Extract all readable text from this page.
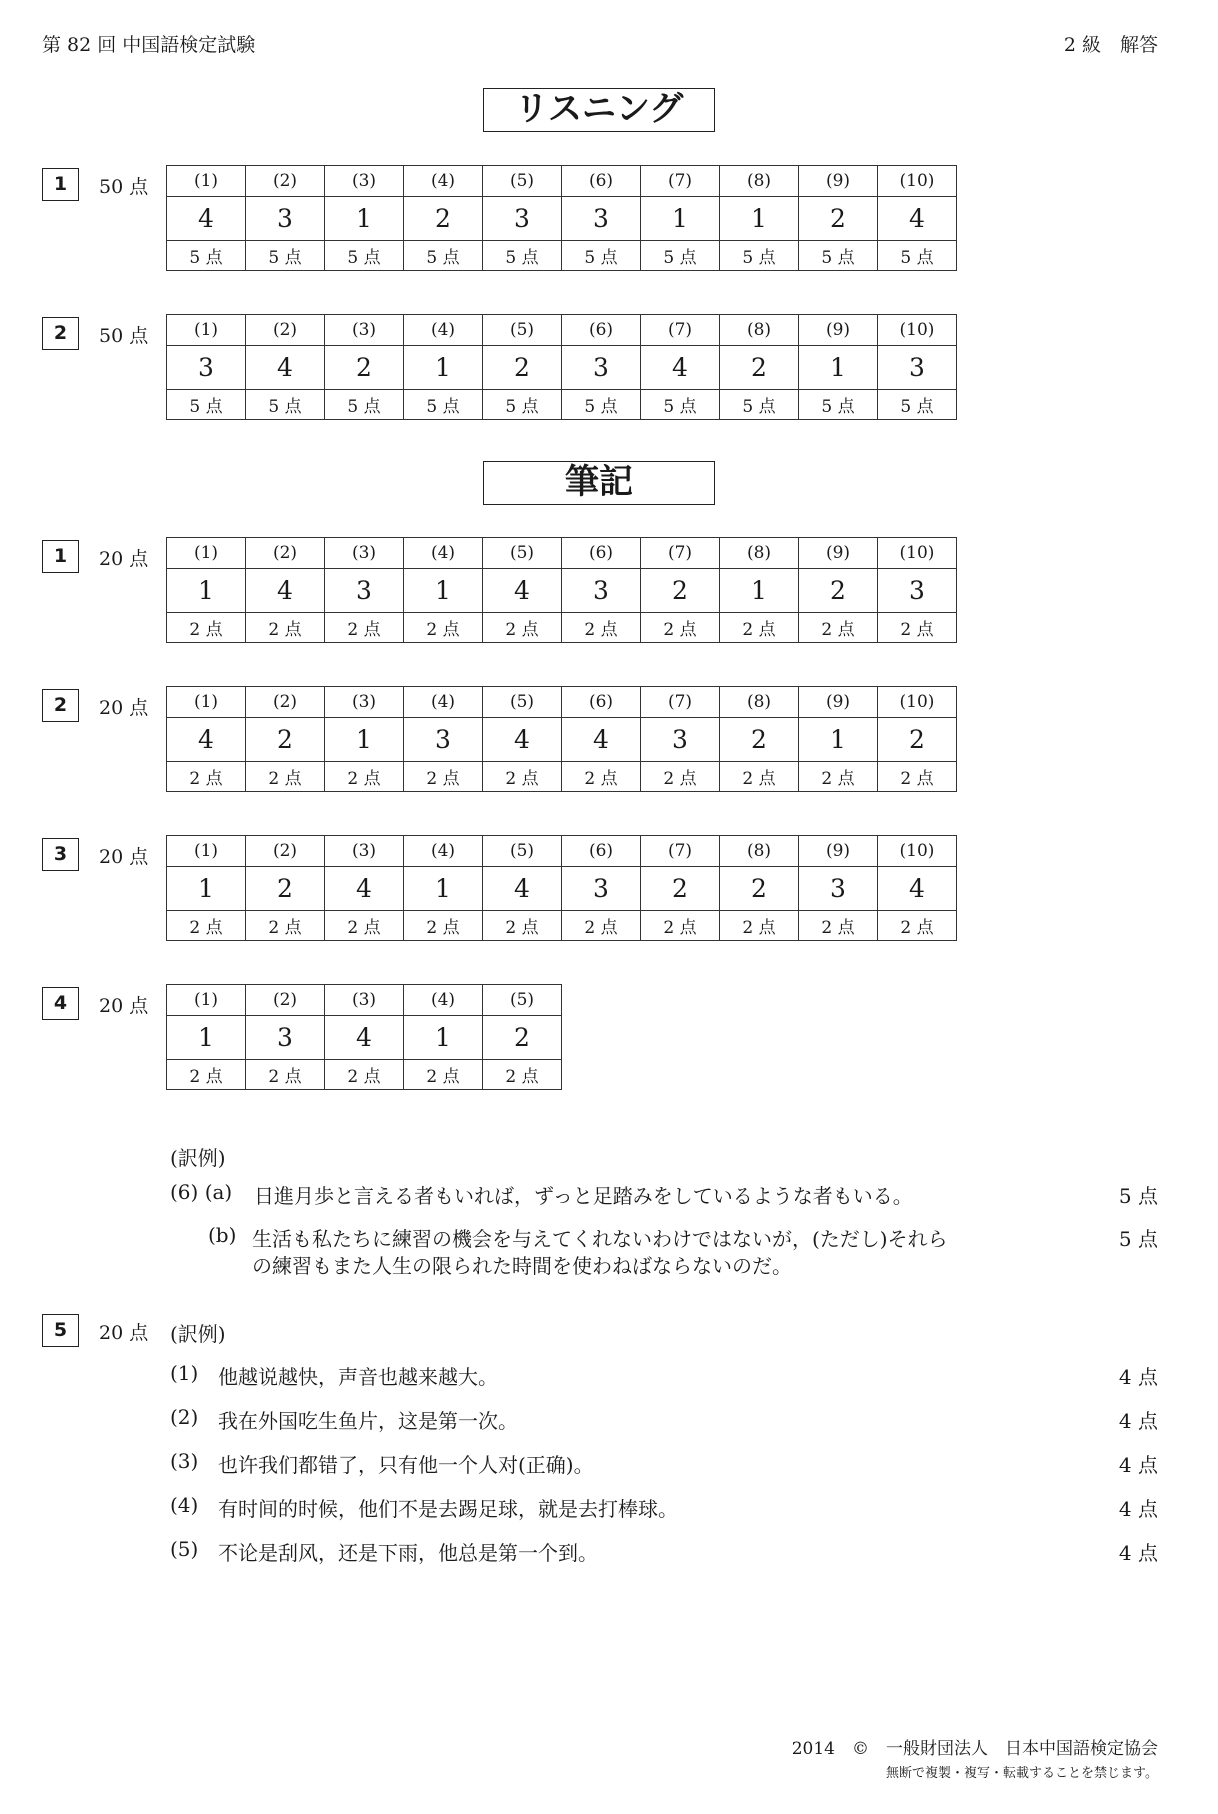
第 82 回 中国語検定試験	2 級　解答
リスニング
1	50 点	(1)	(2)	(3)	(4)	(5)	(6)	(7)	(8)	(9)	(10)
4	3	1	2	3	3	1	1	2	4
5 点	5 点	5 点	5 点	5 点	5 点	5 点	5 点	5 点	5 点
2	50 点	(1)	(2)	(3)	(4)	(5)	(6)	(7)	(8)	(9)	(10)
3	4	2	1	2	3	4	2	1	3
5 点	5 点	5 点	5 点	5 点	5 点	5 点	5 点	5 点	5 点
筆記
1	20 点	(1)	(2)	(3)	(4)	(5)	(6)	(7)	(8)	(9)	(10)
1	4	3	1	4	3	2	1	2	3
2 点	2 点	2 点	2 点	2 点	2 点	2 点	2 点	2 点	2 点
2	20 点	(1)	(2)	(3)	(4)	(5)	(6)	(7)	(8)	(9)	(10)
4	2	1	3	4	4	3	2	1	2
2 点	2 点	2 点	2 点	2 点	2 点	2 点	2 点	2 点	2 点
3	20 点	(1)	(2)	(3)	(4)	(5)	(6)	(7)	(8)	(9)	(10)
1	2	4	1	4	3	2	2	3	4
2 点	2 点	2 点	2 点	2 点	2 点	2 点	2 点	2 点	2 点
4	20 点	(1)	(2)	(3)	(4)	(5)
1	3	4	1	2
2 点	2 点	2 点	2 点	2 点
(訳例)
(6) (a) 日進月歩と言える者もいれば，ずっと足踏みをしているような者もいる。	5 点
(b) 生活も私たちに練習の機会を与えてくれないわけではないが，(ただし)それら
の練習もまた人生の限られた時間を使わねばならないのだ。
5 点
5	20 点 (訳例)
(1) 他越说越快，声音也越来越大。	4 点
(2) 我在外国吃生鱼片，这是第一次。	4 点
(3) 也许我们都错了，只有他一个人对(正确)。	4 点
(4) 有时间的时候，他们不是去踢足球，就是去打棒球。	4 点
(5) 不论是刮风，还是下雨，他总是第一个到。	4 点
2014　©　一般財団法人　日本中国語検定協会
無断で複製・複写・転載することを禁じます。
